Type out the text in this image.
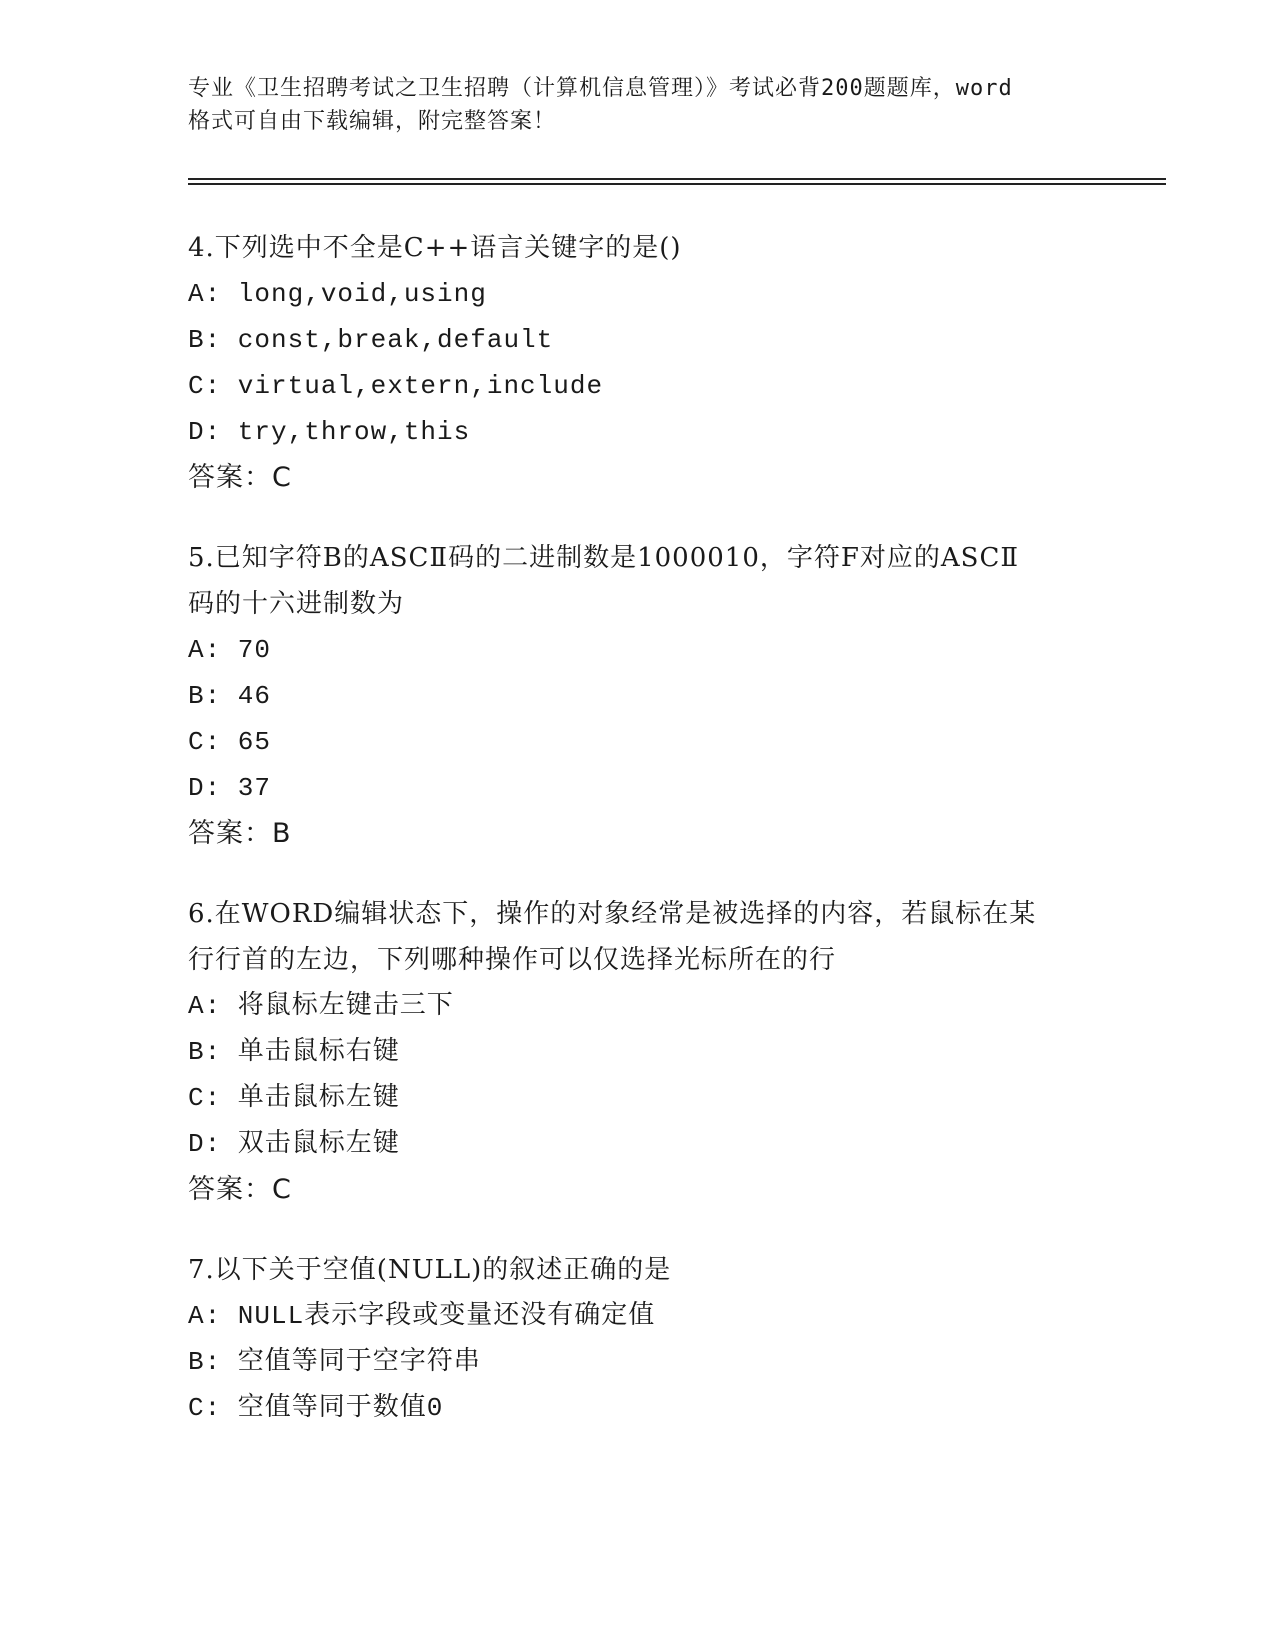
专业《卫生招聘考试之卫生招聘（计算机信息管理）》考试必背200题题库，word
格式可自由下载编辑，附完整答案！
4.下列选中不全是C++语言关键字的是()
A: long,void,using
B: const,break,default
C: virtual,extern,include
D: try,throw,this
答案：C
5.已知字符B的ASCⅡ码的二进制数是1000010，字符F对应的ASCⅡ
码的十六进制数为
A: 70
B: 46
C: 65
D: 37
答案：B
6.在WORD编辑状态下，操作的对象经常是被选择的内容，若鼠标在某
行行首的左边，下列哪种操作可以仅选择光标所在的行
A: 将鼠标左键击三下
B: 单击鼠标右键
C: 单击鼠标左键
D: 双击鼠标左键
答案：C
7.以下关于空值(NULL)的叙述正确的是
A: NULL表示字段或变量还没有确定值
B: 空值等同于空字符串
C: 空值等同于数值0
